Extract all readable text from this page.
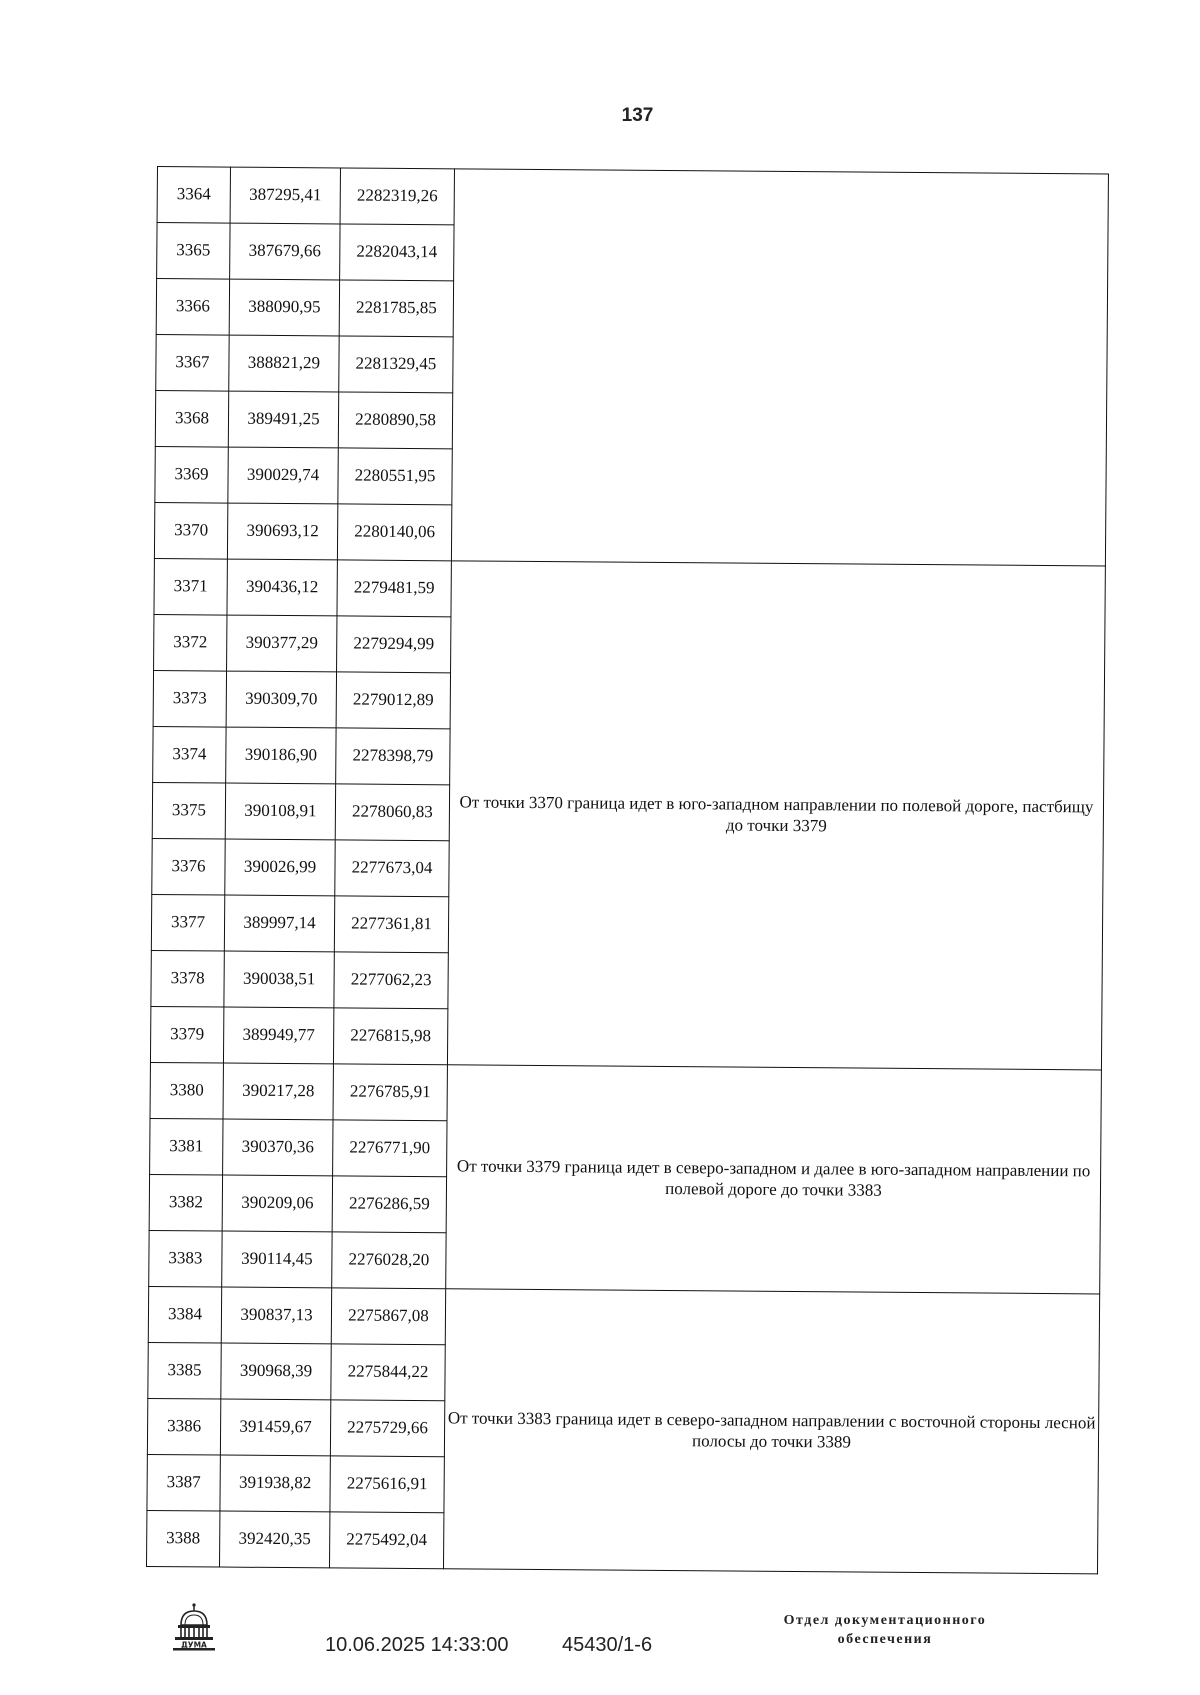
137
3364	387295,41	2282319,26	
3365	387679,66	2282043,14	
3366	388090,95	2281785,85	
3367	388821,29	2281329,45	
3368	389491,25	2280890,58	
3369	390029,74	2280551,95	
3370	390693,12	2280140,06	
3371	390436,12	2279481,59	От точки 3370 граница идет в юго-западном направлении по полевой дороге, пастбищу до точки 3379
3372	390377,29	2279294,99	
3373	390309,70	2279012,89	
3374	390186,90	2278398,79	
3375	390108,91	2278060,83	
3376	390026,99	2277673,04	
3377	389997,14	2277361,81	
3378	390038,51	2277062,23	
3379	389949,77	2276815,98	
3380	390217,28	2276785,91	От точки 3379 граница идет в северо-западном и далее в юго-западном направлении по полевой дороге до точки 3383
3381	390370,36	2276771,90	
3382	390209,06	2276286,59	
3383	390114,45	2276028,20	
3384	390837,13	2275867,08	От точки 3383 граница идет в северо-западном направлении с восточной стороны лесной полосы до точки 3389
3385	390968,39	2275844,22	
3386	391459,67	2275729,66	
3387	391938,82	2275616,91	
3388	392420,35	2275492,04	
ДУМА	10.06.2025 14:33:00	45430/1-6
Отдел документационного
обеспечения
